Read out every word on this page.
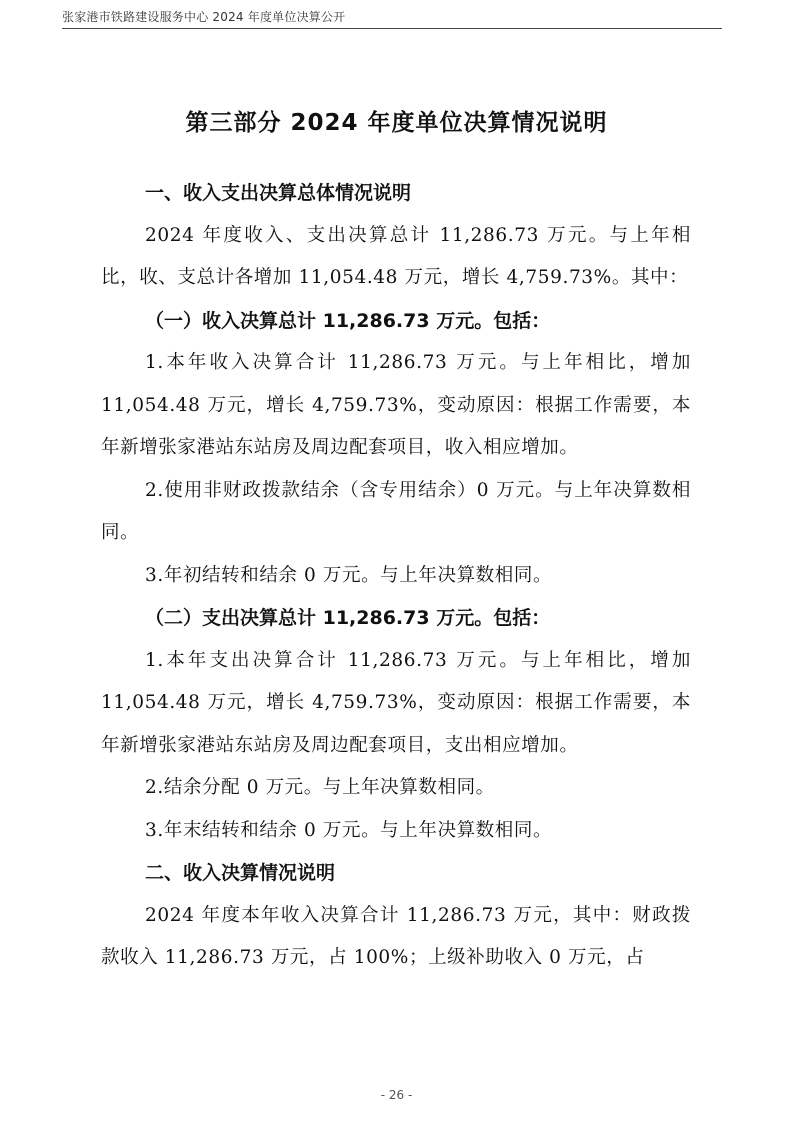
张家港市铁路建设服务中心 2024 年度单位决算公开
第三部分 2024 年度单位决算情况说明

一、收入支出决算总体情况说明

2024 年度收入、支出决算总计 11,286.73 万元。与上年相比，收、支总计各增加 11,054.48 万元，增长 4,759.73%。其中：

（一）收入决算总计 11,286.73 万元。包括：

1.本年收入决算合计 11,286.73 万元。与上年相比，增加 11,054.48 万元，增长 4,759.73%，变动原因：根据工作需要，本年新增张家港站东站房及周边配套项目，收入相应增加。

2.使用非财政拨款结余（含专用结余）0 万元。与上年决算数相同。

3.年初结转和结余 0 万元。与上年决算数相同。

（二）支出决算总计 11,286.73 万元。包括：

1.本年支出决算合计 11,286.73 万元。与上年相比，增加 11,054.48 万元，增长 4,759.73%，变动原因：根据工作需要，本年新增张家港站东站房及周边配套项目，支出相应增加。

2.结余分配 0 万元。与上年决算数相同。

3.年末结转和结余 0 万元。与上年决算数相同。

二、收入决算情况说明

2024 年度本年收入决算合计 11,286.73 万元，其中：财政拨款收入 11,286.73 万元，占 100%；上级补助收入 0 万元，占

- 26 -
